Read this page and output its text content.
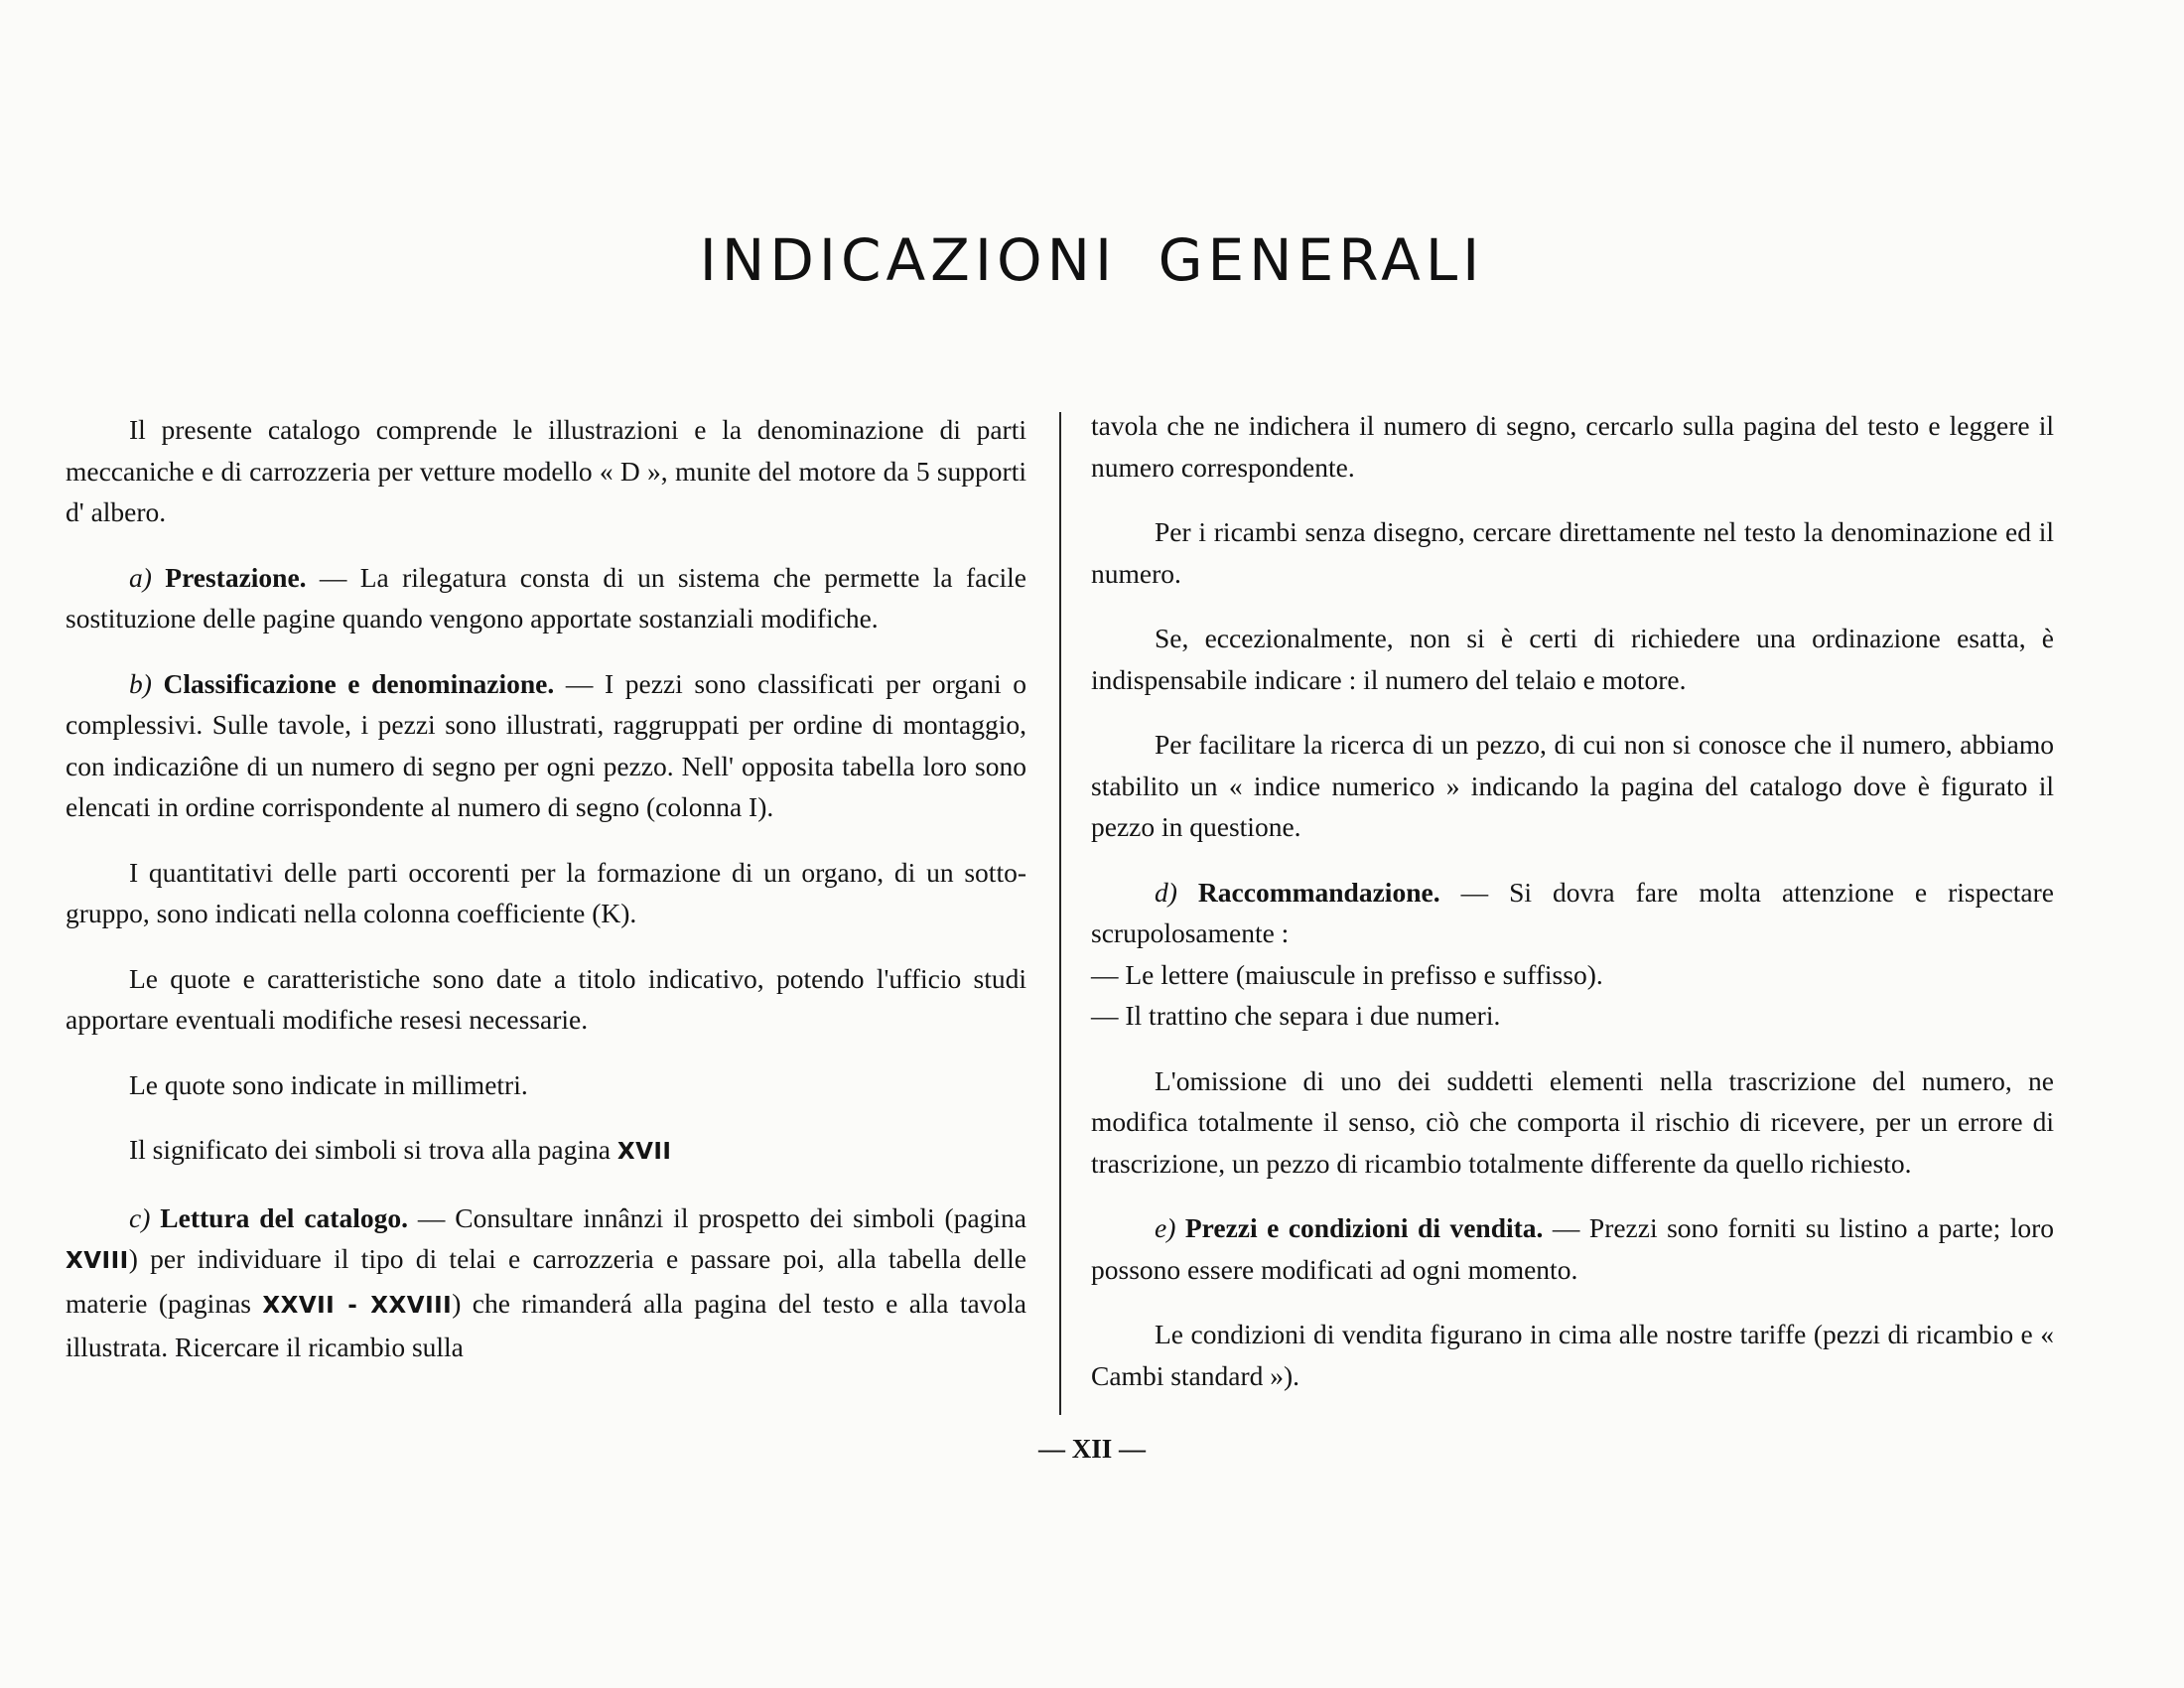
INDICAZIONI GENERALI

Il presente catalogo comprende le illustrazioni e la denominazione di parti meccaniche e di carrozzeria per vetture modello « D », munite del motore da 5 supporti d' albero.

a) Prestazione. — La rilegatura consta di un sistema che permette la facile sostituzione delle pagine quando vengono apportate sostanziali modifiche.

b) Classificazione e denominazione. — I pezzi sono classificati per organi o complessivi. Sulle tavole, i pezzi sono illustrati, raggruppati per ordine di montaggio, con indicaziône di un numero di segno per ogni pezzo. Nell' opposita tabella loro sono elencati in ordine corrispondente al numero di segno (colonna I).

I quantitativi delle parti occorenti per la formazione di un organo, di un sotto-gruppo, sono indicati nella colonna coefficiente (K).

Le quote e caratteristiche sono date a titolo indicativo, potendo l'ufficio studi apportare eventuali modifiche resesi necessarie.

Le quote sono indicate in millimetri.

Il significato dei simboli si trova alla pagina XVII

c) Lettura del catalogo. — Consultare innânzi il prospetto dei simboli (pagina XVIII) per individuare il tipo di telai e carrozzeria e passare poi, alla tabella delle materie (paginas XXVII - XXVIII) che rimanderá alla pagina del testo e alla tavola illustrata. Ricercare il ricambio sulla

tavola che ne indichera il numero di segno, cercarlo sulla pagina del testo e leggere il numero correspondente.

Per i ricambi senza disegno, cercare direttamente nel testo la denominazione ed il numero.

Se, eccezionalmente, non si è certi di richiedere una ordinazione esatta, è indispensabile indicare : il numero del telaio e motore.

Per facilitare la ricerca di un pezzo, di cui non si conosce che il numero, abbiamo stabilito un « indice numerico » indicando la pagina del catalogo dove è figurato il pezzo in questione.

d) Raccommandazione. — Si dovra fare molta attenzione e rispectare scrupolosamente :

— Le lettere (maiuscule in prefisso e suffisso).

— Il trattino che separa i due numeri.

L'omissione di uno dei suddetti elementi nella trascrizione del numero, ne modifica totalmente il senso, ciò che comporta il rischio di ricevere, per un errore di trascrizione, un pezzo di ricambio totalmente differente da quello richiesto.

e) Prezzi e condizioni di vendita. — Prezzi sono forniti su listino a parte; loro possono essere modificati ad ogni momento.

Le condizioni di vendita figurano in cima alle nostre tariffe (pezzi di ricambio e « Cambi standard »).

— XII —
